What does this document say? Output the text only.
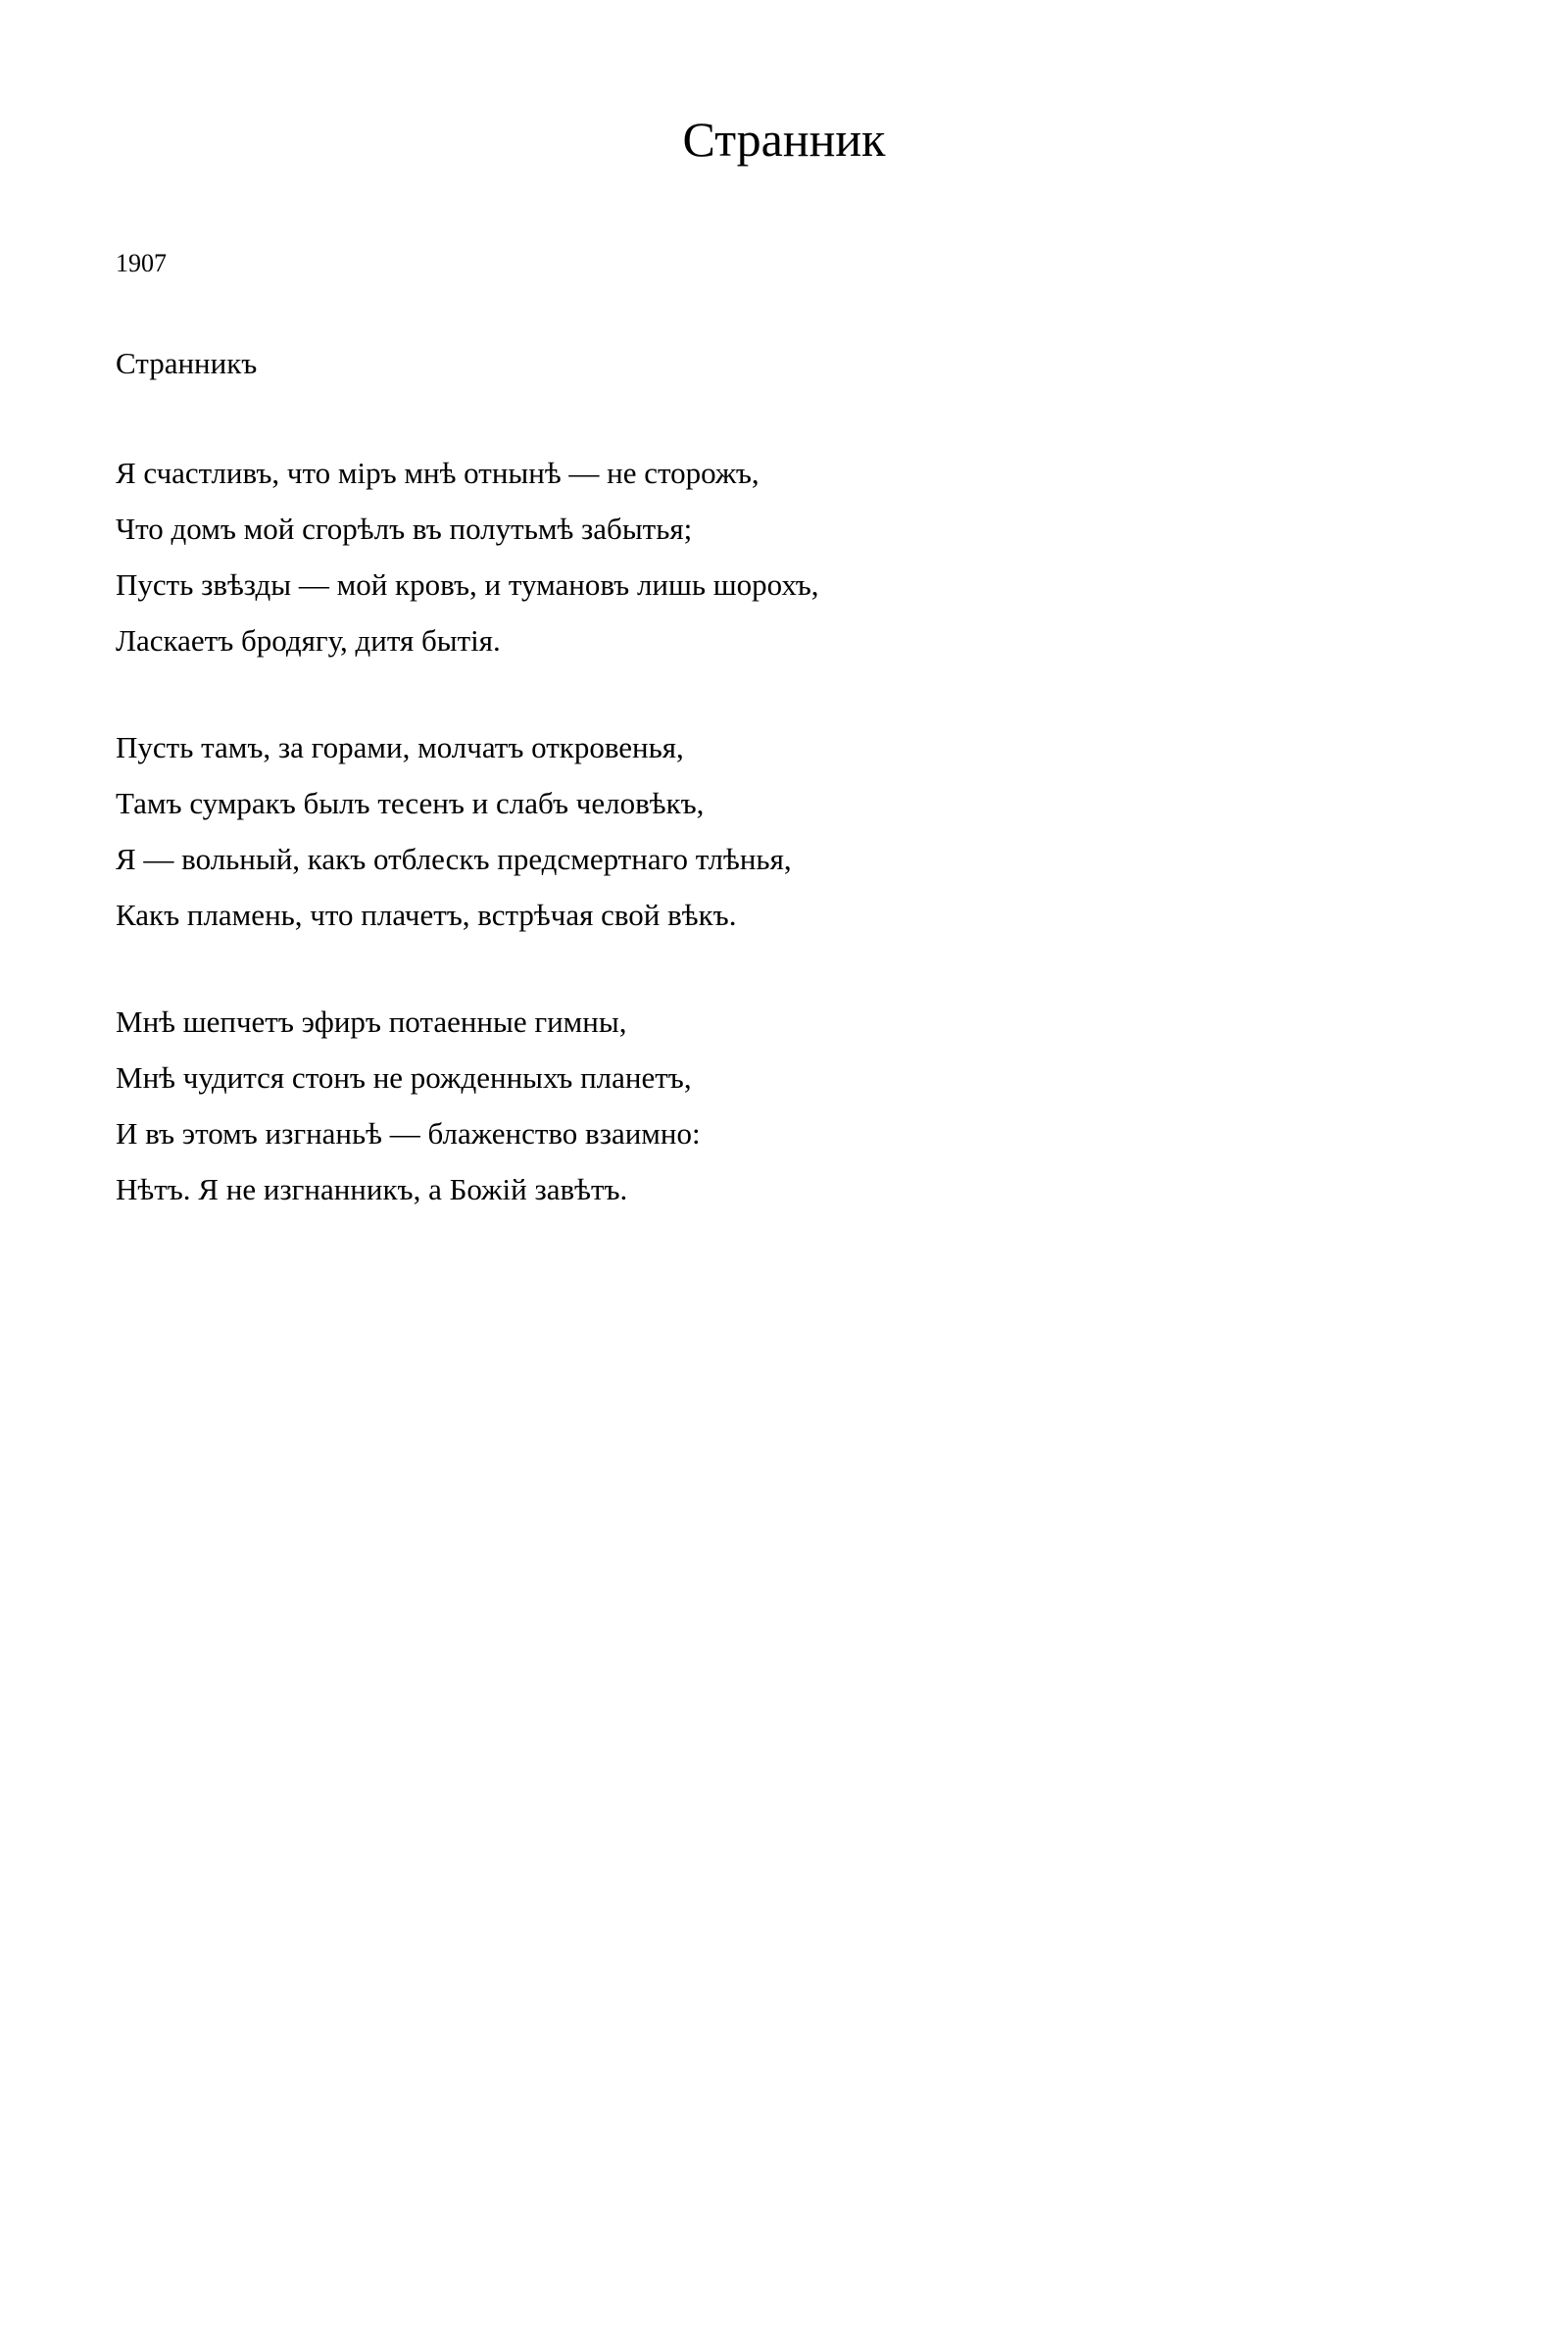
Странник
1907
Странникъ
Я счастливъ, что міръ мнѣ отнынѣ — не сторожъ,
Что домъ мой сгорѣлъ въ полутьмѣ забытья;
Пусть звѣзды — мой кровъ, и тумановъ лишь шорохъ,
Ласкаетъ бродягу, дитя бытія.
Пусть тамъ, за горами, молчатъ откровенья,
Тамъ сумракъ былъ тесенъ и слабъ человѣкъ,
Я — вольный, какъ отблескъ предсмертнаго тлѣнья,
Какъ пламень, что плачетъ, встрѣчая свой вѣкъ.
Мнѣ шепчетъ эфиръ потаенные гимны,
Мнѣ чудится стонъ не рожденныхъ планетъ,
И въ этомъ изгнаньѣ — блаженство взаимно:
Нѣтъ. Я не изгнанникъ, а Божій завѣтъ.
